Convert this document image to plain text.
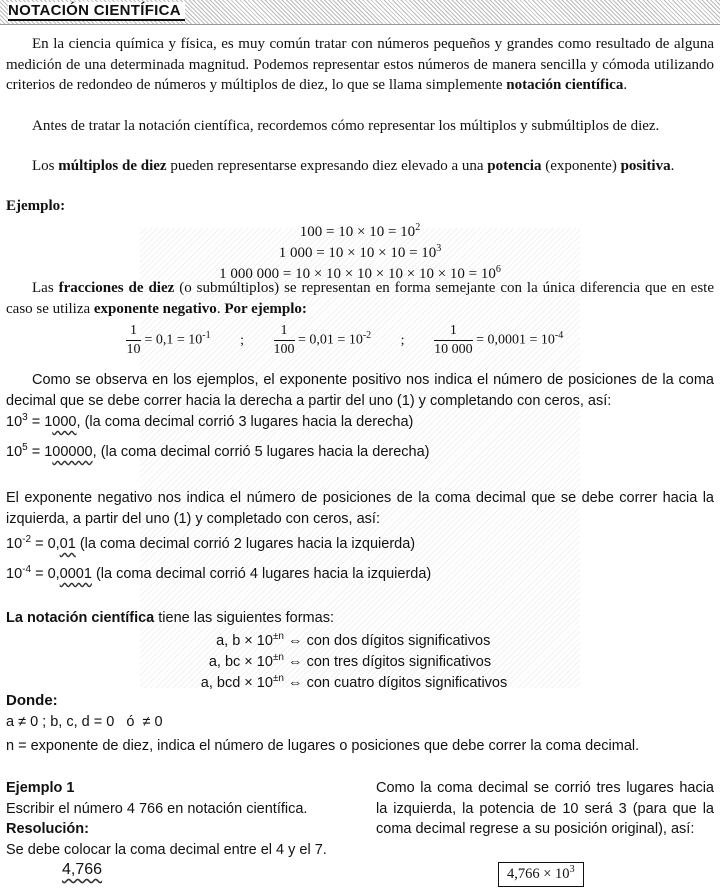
NOTACIÓN CIENTÍFICA
En la ciencia química y física, es muy común tratar con números pequeños y grandes como resultado de alguna medición de una determinada magnitud. Podemos representar estos números de manera sencilla y cómoda utilizando criterios de redondeo de números y múltiplos de diez, lo que se llama simplemente notación científica.
Antes de tratar la notación científica, recordemos cómo representar los múltiplos y submúltiplos de diez.
Los múltiplos de diez pueden representarse expresando diez elevado a una potencia (exponente) positiva.
Ejemplo:
$100 = 10 \times 10 = 10^2$
1 $000 = 10 \times 10 \times 10 = 10^3$
1 000 $000 = 10 \times 10 \times 10 \times 10 \times 10 \times 10 = 10^6$
Las fracciones de diez (o submúltiplos) se representan en forma semejante con la única diferencia que en este caso se utiliza exponente negativo. Por ejemplo:
$\frac{1}{10} = 0,1 = 10^{-1}$ ; $\frac{1}{100} = 0,01 = 10^{-2}$ ; $\frac{1}{10 000} = 0,0001 = 10^{-4}$
Como se observa en los ejemplos, el exponente positivo nos indica el número de posiciones de la coma decimal que se debe correr hacia la derecha a partir del uno (1) y completando con ceros, así:
$10^3 = 1000$, (la coma decimal corrió 3 lugares hacia la derecha)
$10^5 = 100000$, (la coma decimal corrió 5 lugares hacia la derecha)
El exponente negativo nos indica el número de posiciones de la coma decimal que se debe correr hacia la izquierda, a partir del uno (1) y completado con ceros, así:
$10^{-2} = 0,01$ (la coma decimal corrió 2 lugares hacia la izquierda)
$10^{-4} = 0,0001$ (la coma decimal corrió 4 lugares hacia la izquierda)
La notación científica tiene las siguientes formas:
a, $b \times 10^{\pm n}$ ⇔ con dos dígitos significativos
a, bc × $10^{\pm n}$ ⇔ con tres dígitos significativos
a, bcd × $10^{\pm n}$ ⇔ con cuatro dígitos significativos
Donde:
a ≠ 0 ; b, c, d = 0   ó  ≠ 0
n = exponente de diez, indica el número de lugares o posiciones que debe correr la coma decimal.
Ejemplo 1
Escribir el número 4 766 en notación científica.
Resolución:
Se debe colocar la coma decimal entre el 4 y el 7.
4,766
Como la coma decimal se corrió tres lugares hacia la izquierda, la potencia de 10 será 3 (para que la coma decimal regrese a su posición original), así:
$4,766 \times 10^3$
